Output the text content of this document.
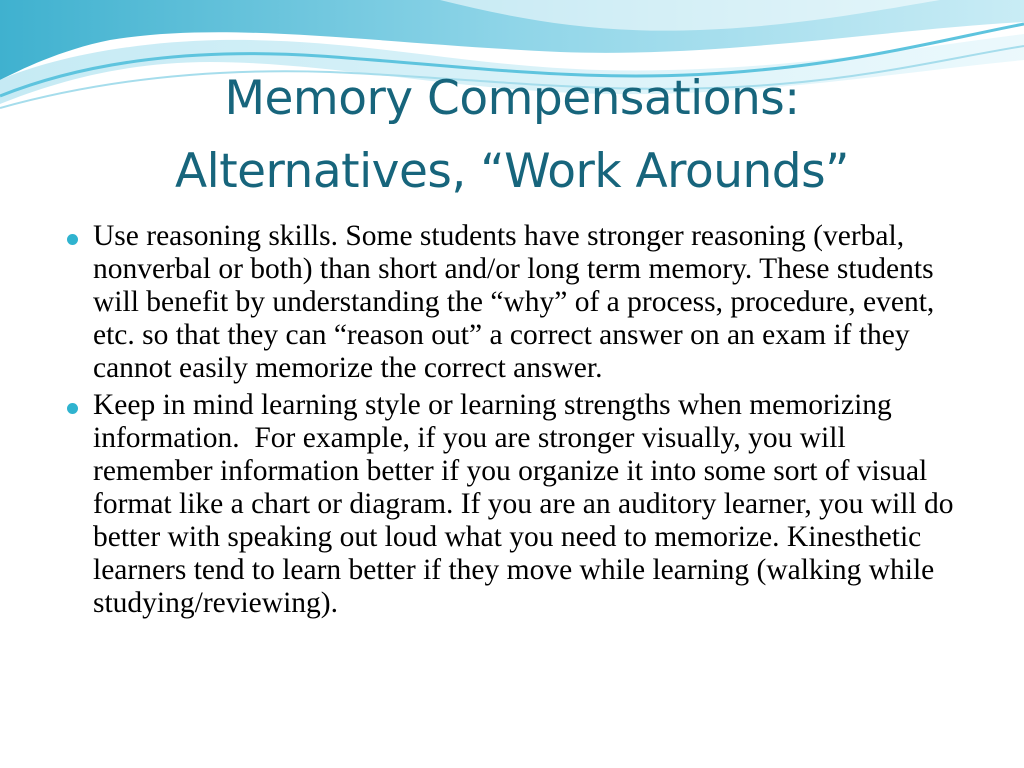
Memory Compensations:
Alternatives, “Work Arounds”
Use reasoning skills. Some students have stronger reasoning (verbal, nonverbal or both) than short and/or long term memory. These students will benefit by understanding the “why” of a process, procedure, event, etc. so that they can “reason out” a correct answer on an exam if they cannot easily memorize the correct answer.
Keep in mind learning style or learning strengths when memorizing information.  For example, if you are stronger visually, you will remember information better if you organize it into some sort of visual format like a chart or diagram. If you are an auditory learner, you will do better with speaking out loud what you need to memorize. Kinesthetic learners tend to learn better if they move while learning (walking while studying/reviewing).
